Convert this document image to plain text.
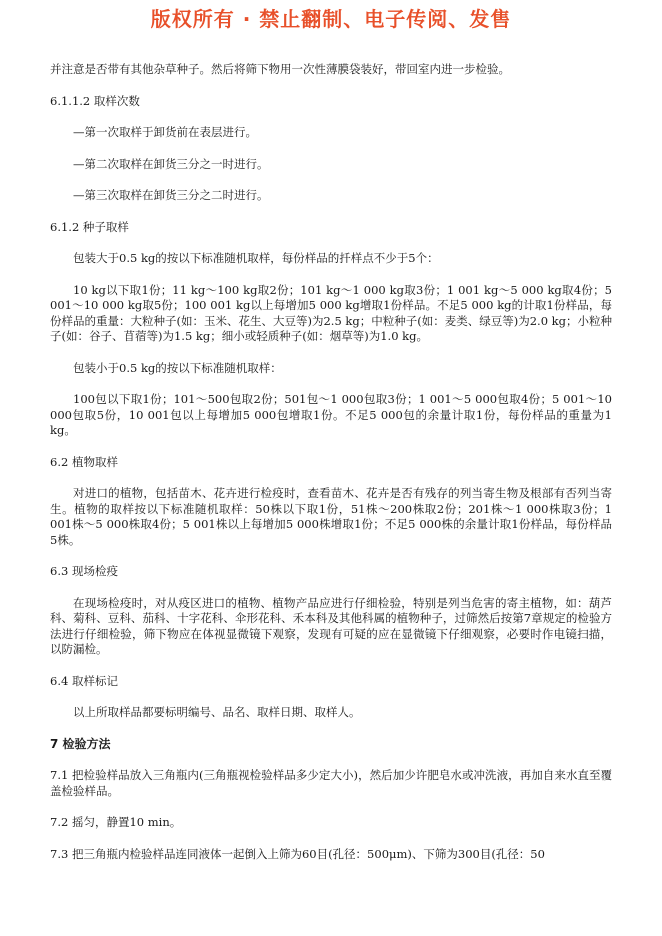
版权所有 · 禁止翻制、电子传阅、发售

并注意是否带有其他杂草种子。然后将筛下物用一次性薄膜袋装好，带回室内进一步检验。

6.1.1.2 取样次数

—第一次取样于卸货前在表层进行。

—第二次取样在卸货三分之一时进行。

—第三次取样在卸货三分之二时进行。

6.1.2 种子取样

包装大于0.5 kg的按以下标准随机取样，每份样品的扦样点不少于5个：

10 kg以下取1份；11 kg～100 kg取2份；101 kg～1 000 kg取3份；1 001 kg～5 000 kg取4份；5 001～10 000 kg取5份；100 001 kg以上每增加5 000 kg增取1份样品。不足5 000 kg的计取1份样品，每份样品的重量：大粒种子(如：玉米、花生、大豆等)为2.5 kg；中粒种子(如：麦类、绿豆等)为2.0 kg；小粒种子(如：谷子、苜蓿等)为1.5 kg；细小或轻质种子(如：烟草等)为1.0 kg。

包装小于0.5 kg的按以下标准随机取样：

100包以下取1份；101～500包取2份；501包～1 000包取3份；1 001～5 000包取4份；5 001～10 000包取5份，10 001包以上每增加5 000包增取1份。不足5 000包的余量计取1份，每份样品的重量为1 kg。

6.2 植物取样

对进口的植物，包括苗木、花卉进行检疫时，查看苗木、花卉是否有残存的列当寄生物及根部有否列当寄生。植物的取样按以下标准随机取样：50株以下取1份，51株～200株取2份；201株～1 000株取3份；1 001株～5 000株取4份；5 001株以上每增加5 000株增取1份；不足5 000株的余量计取1份样品，每份样品5株。

6.3 现场检疫

在现场检疫时，对从疫区进口的植物、植物产品应进行仔细检验，特别是列当危害的寄主植物，如：葫芦科、菊科、豆科、茄科、十字花科、伞形花科、禾本科及其他科属的植物种子，过筛然后按第7章规定的检验方法进行仔细检验，筛下物应在体视显微镜下观察，发现有可疑的应在显微镜下仔细观察，必要时作电镜扫描，以防漏检。

6.4 取样标记

以上所取样品都要标明编号、品名、取样日期、取样人。

7 检验方法

7.1 把检验样品放入三角瓶内(三角瓶视检验样品多少定大小)，然后加少许肥皂水或冲洗液，再加自来水直至覆盖检验样品。

7.2 摇匀，静置10 min。

7.3 把三角瓶内检验样品连同液体一起倒入上筛为60目(孔径：500μm)、下筛为300目(孔径：50
